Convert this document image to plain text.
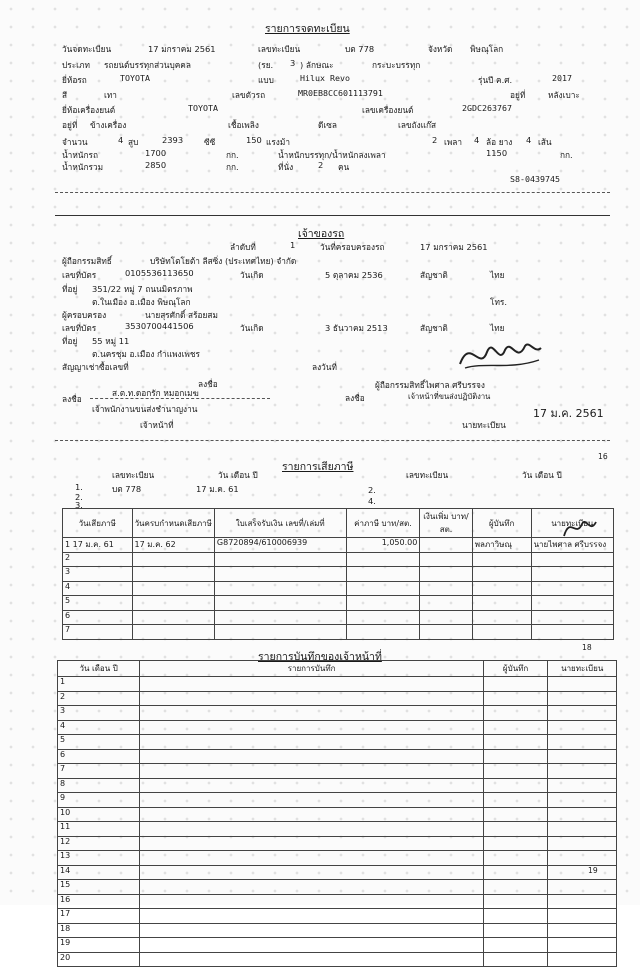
รายการจดทะเบียน
วันจดทะเบียน	17 มกราคม 2561	เลขทะเบียน	บต 778	จังหวัด พิษณุโลก
ประเภท รถยนต์บรรทุกส่วนบุคคล	(รย. 3 ) ลักษณะ	กระบะบรรทุก
ยี่ห้อรถ	TOYOTA	แบบ	Hilux Revo	รุ่นปี ค.ศ.	2017
สี	เทา	เลขตัวรถ	MR0EB8CC601113791	อยู่ที่	หลังเบาะ
ยี่ห้อเครื่องยนต์	TOYOTA	เลขเครื่องยนต์	2GDC263767
อยู่ที่ ข้างเครื่อง	เชื้อเพลิง	ดีเซล	เลขถังแก๊ส
จำนวน	4 สูบ	2393	ซีซี	150 แรงม้า	2 เพลา 4 ล้อ ยาง 4 เส้น
น้ำหนักรถ	1700	กก.	น้ำหนักบรรทุก/น้ำหนักลงเพลา	1150	กก.
น้ำหนักรวม	2850	กก.	ที่นั่ง	2 คน
S8-0439745
เจ้าของรถ
ลำดับที่	1	วันที่ครอบครองรถ	17 มกราคม 2561
ผู้ถือกรรมสิทธิ์	บริษัทโตโยต้า ลีสซิ่ง (ประเทศไทย) จำกัด
เลขที่บัตร	0105536113650	วันเกิด	5 ตุลาคม 2536	สัญชาติ	ไทย
ที่อยู่ 351/22 หมู่ 7 ถนนมิตรภาพ
ต.ในเมือง อ.เมือง พิษณุโลก	โทร.
ผู้ครอบครอง	นายสุรศักดิ์ สร้อยสม
เลขที่บัตร	3530700441506	วันเกิด	3 ธันวาคม 2513	สัญชาติ	ไทย
ที่อยู่ 55 หมู่ 11
ต.นครชุม อ.เมือง กำแพงเพชร
สัญญาเช่าซื้อเลขที่	ลงวันที่
ลงชื่อ
ลงชื่อ
ส.ต.ท.ดอกรัก หมอกเมฆ
เจ้าพนักงานขนส่งชำนาญงาน
เจ้าหน้าที่
ผู้ถือกรรมสิทธิ์ไพศาล ศรีบรรจง
ลงชื่อ	เจ้าหน้าที่ขนส่งปฏิบัติงาน
นายทะเบียน
17 ม.ค. 2561
16
รายการเสียภาษี
เลขทะเบียน	วัน เดือน ปี	เลขทะเบียน	วัน เดือน ปี
1.	บต 778	17 ม.ค. 61
2.
3.
2.
4.
วันเสียภาษี	วันครบกำหนดเสียภาษี	ใบเสร็จรับเงิน เลขที่/เล่มที่	ค่าภาษี บาท/สต.	เงินเพิ่ม บาท/สต.	ผู้บันทึก	นายทะเบียน
1 17 ม.ค. 61	17 ม.ค. 62	G8720894/610006939	1,050.00		พลภาวิษณุ	นายไพศาล ศรีบรรจง
2						
3						
4						
5						
6						
7						
18
รายการบันทึกของเจ้าหน้าที่
วัน เดือน ปี	รายการบันทึก	ผู้บันทึก	นายทะเบียน
1			
2			
3			
4			
5			
6			
7			
8			
9			
10			
11			
12			
13			
14			
15			
16			
17			
18			
19			
20			
19
